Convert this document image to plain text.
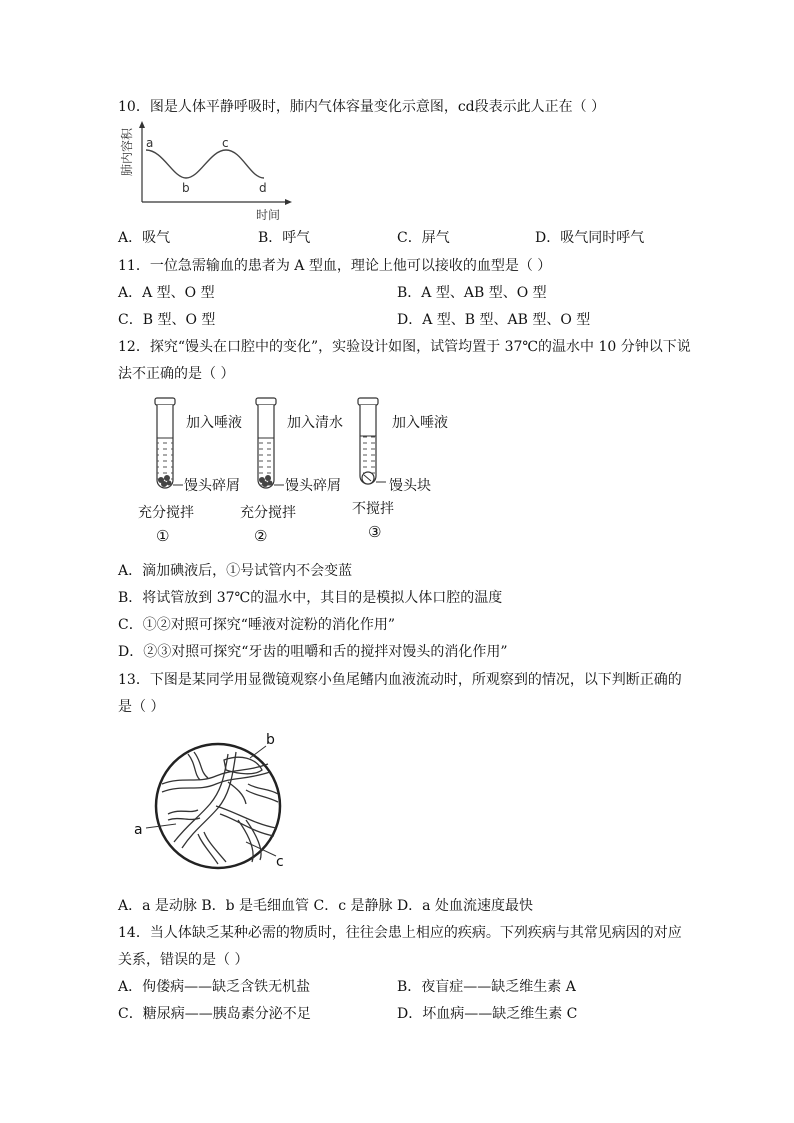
10．图是人体平静呼吸时，肺内气体容量变化示意图，cd段表示此人正在（ ）
肺内容积
时间
a
b
c
d
A．吸气	B．呼气	C．屏气	D．吸气同时呼气
11．一位急需输血的患者为 A 型血，理论上他可以接收的血型是（ ）
A．A 型、O 型	B．A 型、AB 型、O 型
C．B 型、O 型	D．A 型、B 型、AB 型、O 型
12．探究“馒头在口腔中的变化”，实验设计如图，试管均置于 37℃的温水中 10 分钟以下说
法不正确的是（ ）
加入唾液
馒头碎屑
充分搅拌
①
加入清水
馒头碎屑
充分搅拌
②
加入唾液
馒头块
不搅拌
③
A．滴加碘液后，①号试管内不会变蓝
B．将试管放到 37℃的温水中，其目的是模拟人体口腔的温度
C．①②对照可探究“唾液对淀粉的消化作用”
D．②③对照可探究“牙齿的咀嚼和舌的搅拌对馒头的消化作用”
13．下图是某同学用显微镜观察小鱼尾鳍内血液流动时，所观察到的情况，以下判断正确的
是（ ）
a
b
c
A．a 是动脉 B．b 是毛细血管 C．c 是静脉 D．a 处血流速度最快
14．当人体缺乏某种必需的物质时，往往会患上相应的疾病。下列疾病与其常见病因的对应
关系，错误的是（ ）
A．佝偻病——缺乏含铁无机盐	B．夜盲症——缺乏维生素 A
C．糖尿病——胰岛素分泌不足	D．坏血病——缺乏维生素 C
